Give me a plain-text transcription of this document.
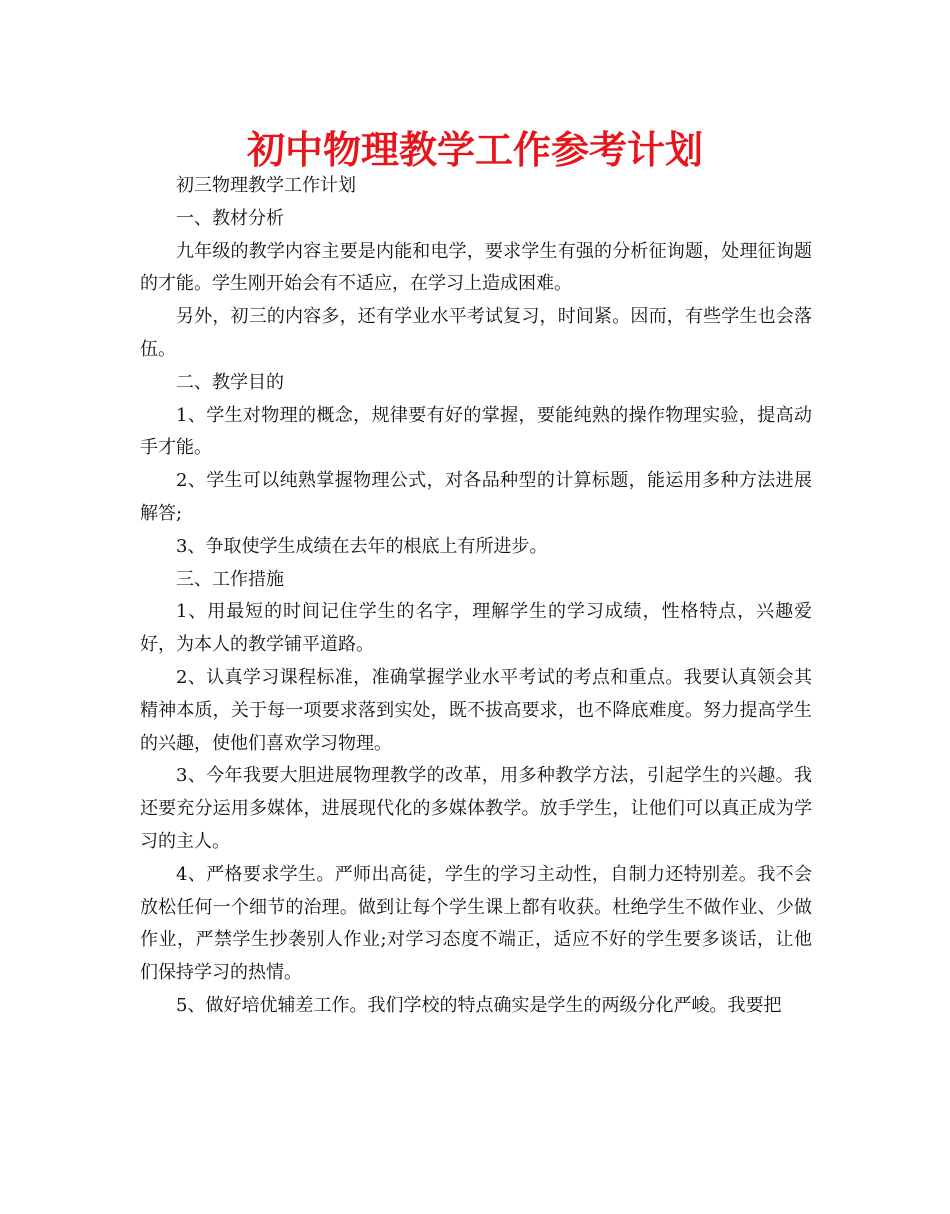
初中物理教学工作参考计划

初三物理教学工作计划

一、教材分析

九年级的教学内容主要是内能和电学，要求学生有强的分析征询题，处理征询题的才能。学生刚开始会有不适应，在学习上造成困难。

另外，初三的内容多，还有学业水平考试复习，时间紧。因而，有些学生也会落伍。

二、教学目的

1、学生对物理的概念，规律要有好的掌握，要能纯熟的操作物理实验，提高动手才能。

2、学生可以纯熟掌握物理公式，对各品种型的计算标题，能运用多种方法进展解答;

3、争取使学生成绩在去年的根底上有所进步。

三、工作措施

1、用最短的时间记住学生的名字，理解学生的学习成绩，性格特点，兴趣爱好，为本人的教学铺平道路。

2、认真学习课程标准，准确掌握学业水平考试的考点和重点。我要认真领会其精神本质，关于每一项要求落到实处，既不拔高要求，也不降底难度。努力提高学生的兴趣，使他们喜欢学习物理。

3、今年我要大胆进展物理教学的改革，用多种教学方法，引起学生的兴趣。我还要充分运用多媒体，进展现代化的多媒体教学。放手学生，让他们可以真正成为学习的主人。

4、严格要求学生。严师出高徒，学生的学习主动性，自制力还特别差。我不会放松任何一个细节的治理。做到让每个学生课上都有收获。杜绝学生不做作业、少做作业，严禁学生抄袭别人作业;对学习态度不端正，适应不好的学生要多谈话，让他们保持学习的热情。

5、做好培优辅差工作。我们学校的特点确实是学生的两级分化严峻。我要把
